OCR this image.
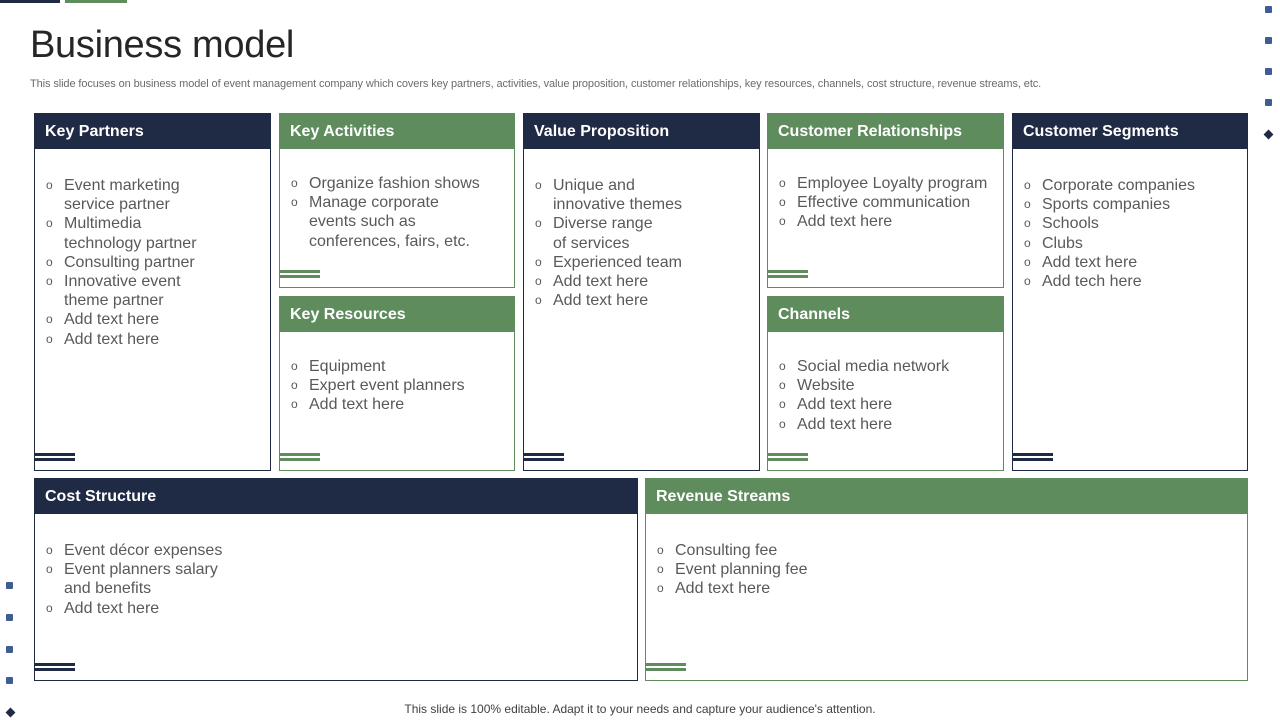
Business model
This slide focuses on business model of event management company which covers key partners, activities, value proposition, customer relationships, key resources, channels, cost structure, revenue streams, etc.
Key Partners
o Event marketing
service partner
o Multimedia
technology partner
o Consulting partner
o Innovative event
theme partner
o Add text here
o Add text here
Key Activities
o Organize fashion shows
o Manage corporate
events such as
conferences, fairs, etc.
Key Resources
o Equipment
o Expert event planners
o Add text here
Value Proposition
o Unique and
innovative themes
o Diverse range
of services
o Experienced team
o Add text here
o Add text here
Customer Relationships
o Employee Loyalty program
o Effective communication
o Add text here
Channels
o Social media network
o Website
o Add text here
o Add text here
Customer Segments
o Corporate companies
o Sports companies
o Schools
o Clubs
o Add text here
o Add tech here
Cost Structure
o Event décor expenses
o Event planners salary
and benefits
o Add text here
Revenue Streams
o Consulting fee
o Event planning fee
o Add text here
This slide is 100% editable. Adapt it to your needs and capture your audience's attention.
